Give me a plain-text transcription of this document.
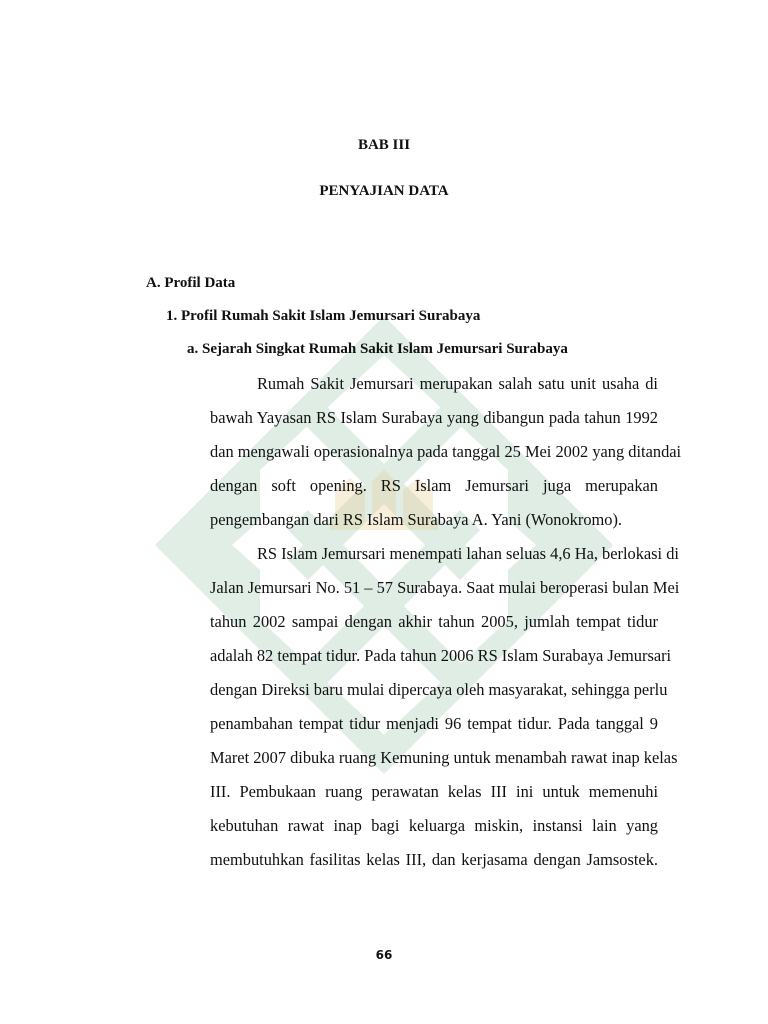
BAB III
PENYAJIAN DATA
A. Profil Data
1. Profil Rumah Sakit Islam Jemursari Surabaya
a. Sejarah Singkat Rumah Sakit Islam Jemursari Surabaya
Rumah Sakit Jemursari merupakan salah satu unit usaha di
bawah Yayasan RS Islam Surabaya yang dibangun pada tahun 1992
dan mengawali operasionalnya pada tanggal 25 Mei 2002 yang ditandai
dengan soft opening. RS Islam Jemursari juga merupakan
pengembangan dari RS Islam Surabaya A. Yani (Wonokromo).
RS Islam Jemursari menempati lahan seluas 4,6 Ha, berlokasi di
Jalan Jemursari No. 51 – 57 Surabaya. Saat mulai beroperasi bulan Mei
tahun 2002 sampai dengan akhir tahun 2005, jumlah tempat tidur
adalah 82 tempat tidur. Pada tahun 2006 RS Islam Surabaya Jemursari
dengan Direksi baru mulai dipercaya oleh masyarakat, sehingga perlu
penambahan tempat tidur menjadi 96 tempat tidur. Pada tanggal 9
Maret 2007 dibuka ruang Kemuning untuk menambah rawat inap kelas
III. Pembukaan ruang perawatan kelas III ini untuk memenuhi
kebutuhan rawat inap bagi keluarga miskin, instansi lain yang
membutuhkan fasilitas kelas III, dan kerjasama dengan Jamsostek.
66
